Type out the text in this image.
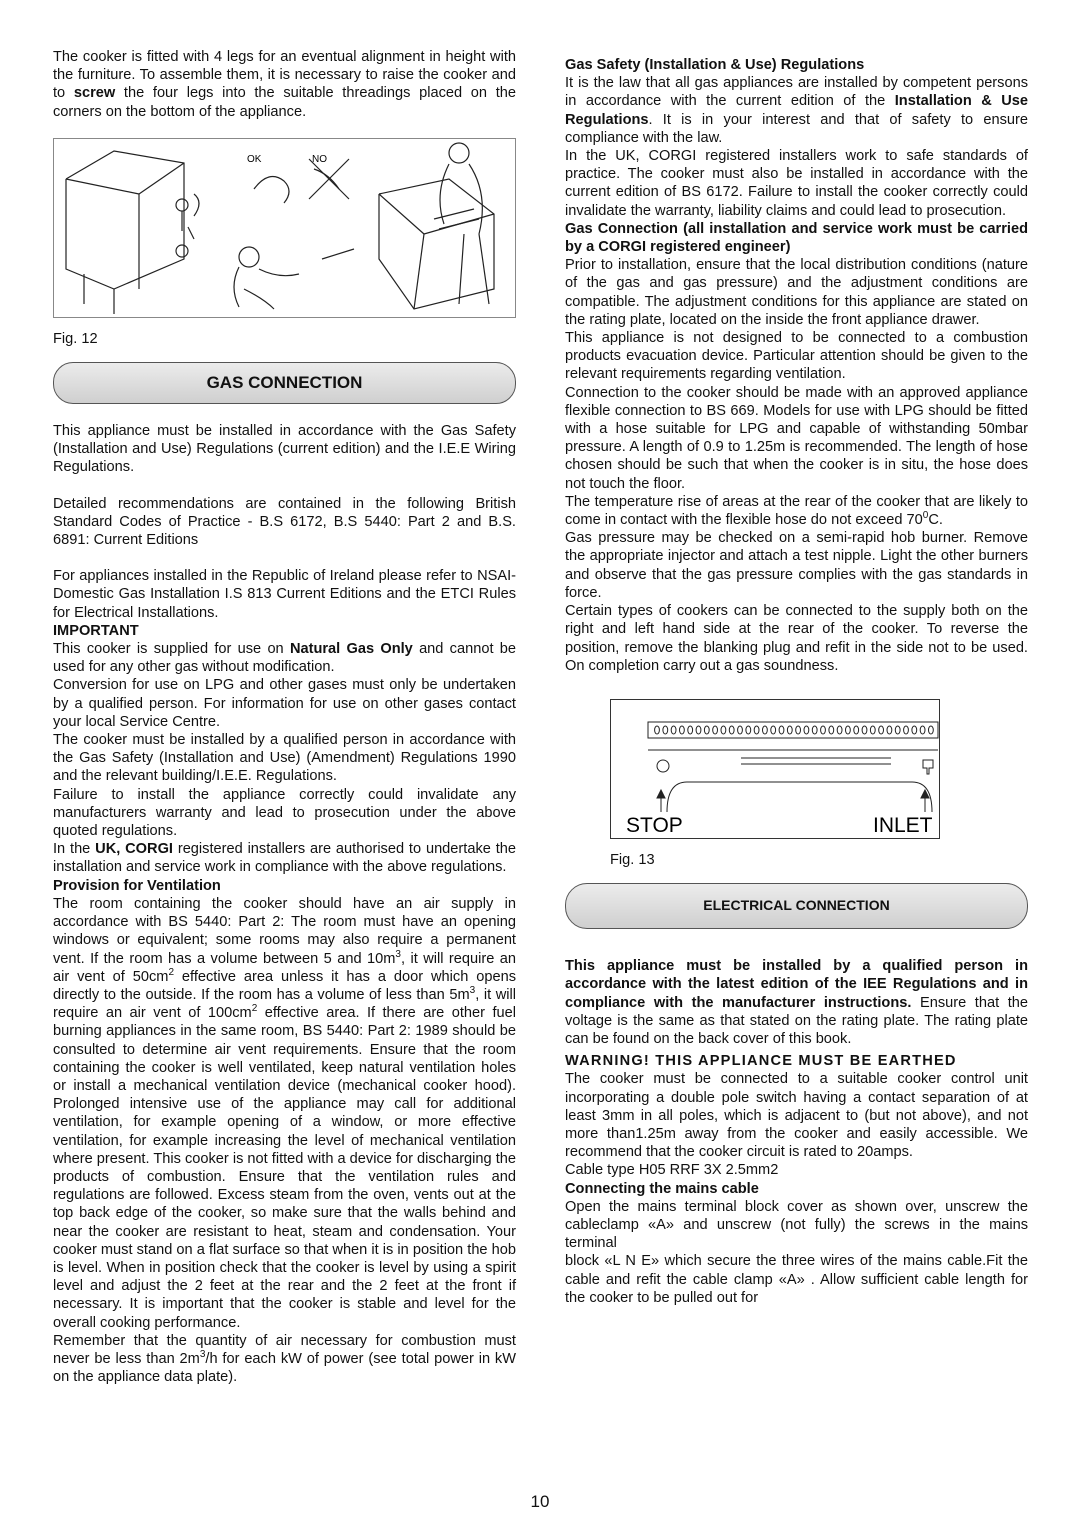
The cooker is fitted with 4 legs for an eventual alignment in height with the furniture. To assemble them, it is necessary to raise the cooker and to screw the four legs into the suitable threadings placed on the corners on the bottom of the appliance.

OK	NO

Fig. 12

GAS CONNECTION

This appliance must be installed in accordance with the Gas Safety (Installation and Use) Regulations (current edition) and the I.E.E Wiring Regulations.

Detailed recommendations are contained in the following British Standard Codes of Practice - B.S 6172, B.S 5440: Part 2 and B.S. 6891: Current Editions

For appliances installed in the Republic of Ireland please refer to NSAI- Domestic Gas Installation I.S 813 Current Editions and the ETCI Rules for Electrical Installations.

IMPORTANT

This cooker is supplied for use on Natural Gas Only and cannot be used for any other gas without modification.

Conversion for use on LPG and other gases must only be undertaken by a qualified person. For information for use on other gases contact your local Service Centre.

The cooker must be installed by a qualified person in accordance with the Gas Safety (Installation and Use) (Amendment) Regulations 1990 and the relevant building/I.E.E. Regulations.

Failure to install the appliance correctly could invalidate any manufacturers warranty and lead to prosecution under the above quoted regulations.

In the UK, CORGI registered installers are authorised to undertake the installation and service work in compliance with the above regulations.

Provision for Ventilation

The room containing the cooker should have an air supply in accordance with BS 5440: Part 2: The room must have an opening windows or equivalent; some rooms may also require a permanent vent. If the room has a volume between 5 and $10m^3$, it will require an air vent of $50cm^2$ effective area unless it has a door which opens directly to the outside. If the room has a volume of less than $5m^3$, it will require an air vent of $100cm^2$ effective area. If there are other fuel burning appliances in the same room, BS 5440: Part 2: 1989 should be consulted to determine air vent requirements. Ensure that the room containing the cooker is well ventilated, keep natural ventilation holes or install a mechanical ventilation device (mechanical cooker hood). Prolonged intensive use of the appliance may call for additional ventilation, for example opening of a window, or more effective ventilation, for example increasing the level of mechanical ventilation where present. This cooker is not fitted with a device for discharging the products of combustion. Ensure that the ventilation rules and regulations are followed. Excess steam from the oven, vents out at the top back edge of the cooker, so make sure that the walls behind and near the cooker are resistant to heat, steam and condensation. Your cooker must stand on a flat surface so that when it is in position the hob is level. When in position check that the cooker is level by using a spirit level and adjust the 2 feet at the rear and the 2 feet at the front if necessary. It is important that the cooker is stable and level for the overall cooking performance.

Remember that the quantity of air necessary for combustion must never be less than $2m^3/h$ for each kW of power (see total power in kW on the appliance data plate).

Gas Safety (Installation & Use) Regulations

It is the law that all gas appliances are installed by competent persons in accordance with the current edition of the Installation & Use Regulations. It is in your interest and that of safety to ensure compliance with the law.

In the UK, CORGI registered installers work to safe standards of practice. The cooker must also be installed in accordance with the current edition of BS 6172. Failure to install the cooker correctly could invalidate the warranty, liability claims and could lead to prosecution.

Gas Connection (all installation and service work must be carried by a CORGI registered engineer)

Prior to installation, ensure that the local distribution conditions (nature of the gas and gas pressure) and the adjustment conditions are compatible. The adjustment conditions for this appliance are stated on the rating plate, located on the inside the front appliance drawer.

This appliance is not designed to be connected to a combustion products evacuation device. Particular attention should be given to the relevant requirements regarding ventilation.

Connection to the cooker should be made with an approved appliance flexible connection to BS 669. Models for use with LPG should be fitted with a hose suitable for LPG and capable of withstanding 50mbar pressure. A length of 0.9 to 1.25m is recommended. The length of hose chosen should be such that when the cooker is in situ, the hose does not touch the floor.

The temperature rise of areas at the rear of the cooker that are likely to come in contact with the flexible hose do not exceed $70^0C$.

Gas pressure may be checked on a semi-rapid hob burner. Remove the appropriate injector and attach a test nipple. Light the other burners and observe that the gas pressure complies with the gas standards in force.

Certain types of cookers can be connected to the supply both on the right and left hand side at the rear of the cooker. To reverse the position, remove the blanking plug and refit in the side not to be used. On completion carry out a gas soundness.

STOP	INLET

Fig. 13

ELECTRICAL CONNECTION

This appliance must be installed by a qualified person in accordance with the latest edition of the IEE Regulations and in compliance with the manufacturer instructions. Ensure that the voltage is the same as that stated on the rating plate. The rating plate can be found on the back cover of this book.

WARNING! THIS APPLIANCE MUST BE EARTHED

The cooker must be connected to a suitable cooker control unit incorporating a double pole switch having a contact separation of at least 3mm in all poles, which is adjacent to (but not above), and not more than1.25m away from the cooker and easily accessible. We recommend that the cooker circuit is rated to 20amps.

Cable type H05 RRF 3X 2.5mm2

Connecting the mains cable

Open the mains terminal block cover as shown over, unscrew the cableclamp «A» and unscrew (not fully) the screws in the mains terminal

block «L N E» which secure the three wires of the mains cable.Fit the cable and refit the cable clamp «A» . Allow sufficient cable length for the cooker to be pulled out for

10
